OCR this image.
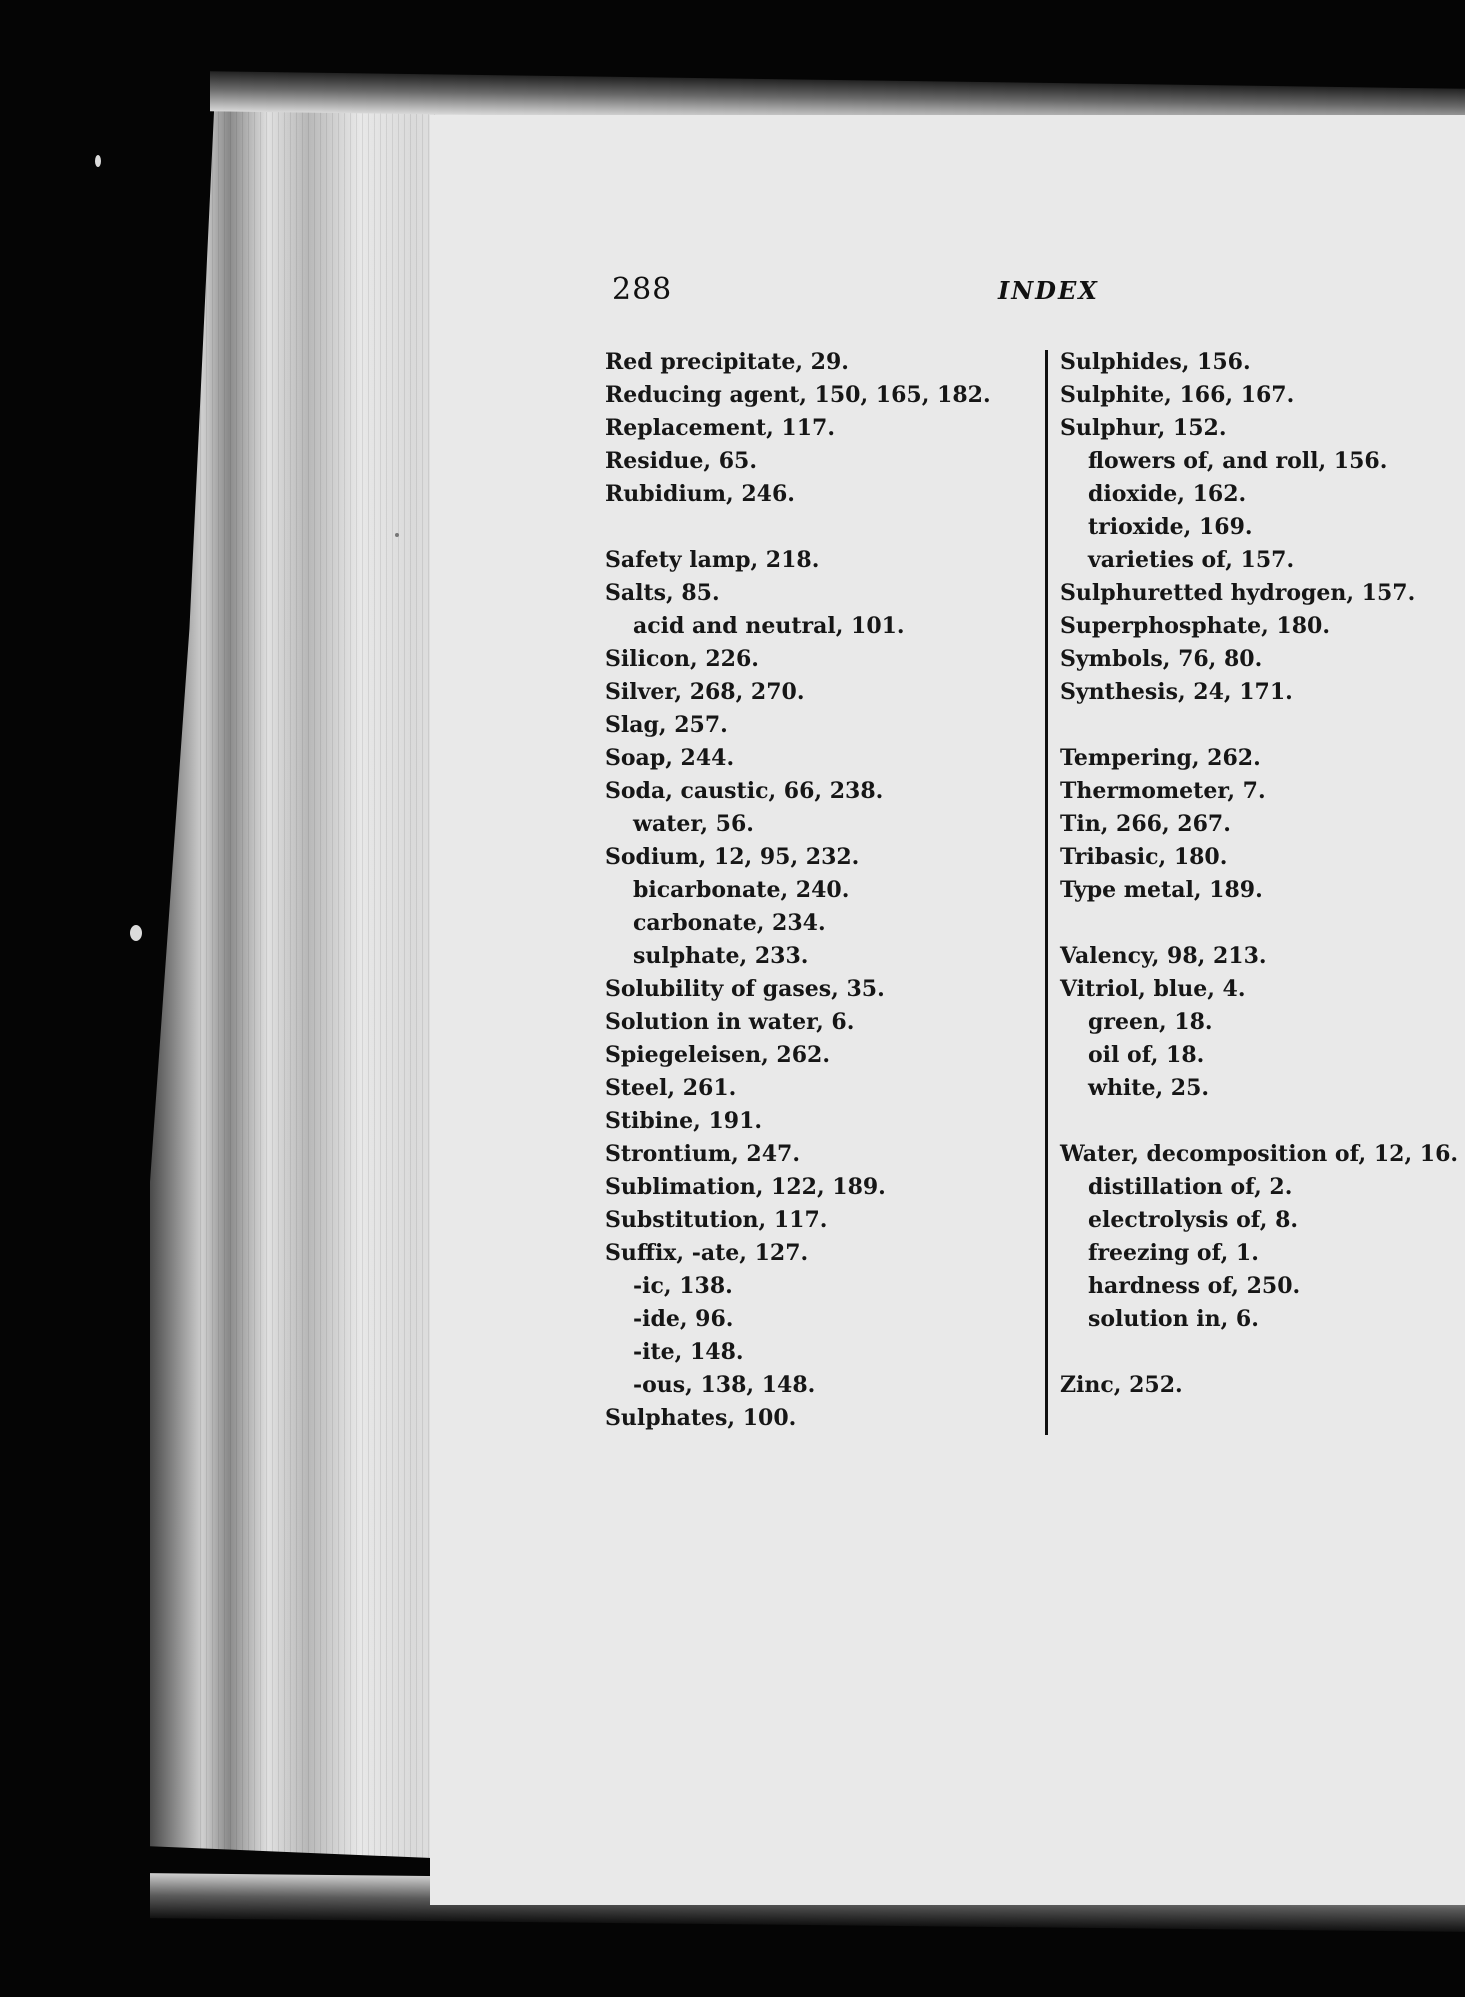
288	INDEX
Red precipitate, 29.
Reducing agent, 150, 165, 182.
Replacement, 117.
Residue, 65.
Rubidium, 246.
Safety lamp, 218.
Salts, 85.
acid and neutral, 101.
Silicon, 226.
Silver, 268, 270.
Slag, 257.
Soap, 244.
Soda, caustic, 66, 238.
water, 56.
Sodium, 12, 95, 232.
bicarbonate, 240.
carbonate, 234.
sulphate, 233.
Solubility of gases, 35.
Solution in water, 6.
Spiegeleisen, 262.
Steel, 261.
Stibine, 191.
Strontium, 247.
Sublimation, 122, 189.
Substitution, 117.
Suffix, -ate, 127.
-ic, 138.
-ide, 96.
-ite, 148.
-ous, 138, 148.
Sulphates, 100.
Sulphides, 156.
Sulphite, 166, 167.
Sulphur, 152.
flowers of, and roll, 156.
dioxide, 162.
trioxide, 169.
varieties of, 157.
Sulphuretted hydrogen, 157.
Superphosphate, 180.
Symbols, 76, 80.
Synthesis, 24, 171.
Tempering, 262.
Thermometer, 7.
Tin, 266, 267.
Tribasic, 180.
Type metal, 189.
Valency, 98, 213.
Vitriol, blue, 4.
green, 18.
oil of, 18.
white, 25.
Water, decomposition of, 12, 16.
distillation of, 2.
electrolysis of, 8.
freezing of, 1.
hardness of, 250.
solution in, 6.
Zinc, 252.
